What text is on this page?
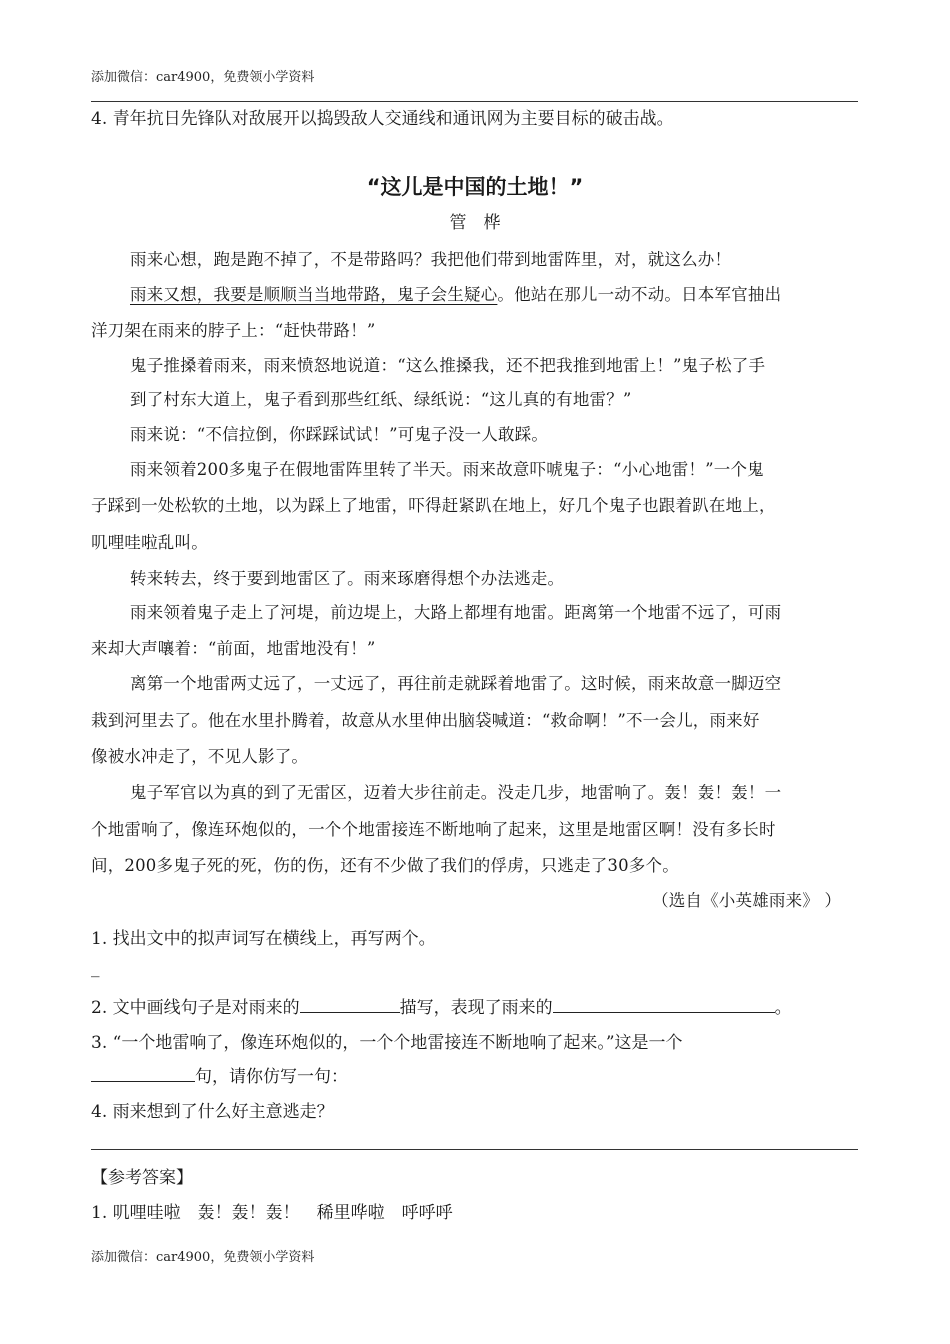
添加微信：car4900，免费领小学资料
4. 青年抗日先锋队对敌展开以捣毁敌人交通线和通讯网为主要目标的破击战。
“这儿是中国的土地！”
管　桦
雨来心想，跑是跑不掉了，不是带路吗？我把他们带到地雷阵里，对，就这么办！
雨来又想，我要是顺顺当当地带路，鬼子会生疑心。他站在那儿一动不动。日本军官抽出
洋刀架在雨来的脖子上：“赶快带路！”
鬼子推搡着雨来，雨来愤怒地说道：“这么推搡我，还不把我推到地雷上！”鬼子松了手
到了村东大道上，鬼子看到那些红纸、绿纸说：“这儿真的有地雷？”
雨来说：“不信拉倒，你踩踩试试！”可鬼子没一人敢踩。
雨来领着200多鬼子在假地雷阵里转了半天。雨来故意吓唬鬼子：“小心地雷！”一个鬼
子踩到一处松软的土地，以为踩上了地雷，吓得赶紧趴在地上，好几个鬼子也跟着趴在地上，
叽哩哇啦乱叫。
转来转去，终于要到地雷区了。雨来琢磨得想个办法逃走。
雨来领着鬼子走上了河堤，前边堤上，大路上都埋有地雷。距离第一个地雷不远了，可雨
来却大声嚷着：“前面，地雷地没有！”
离第一个地雷两丈远了，一丈远了，再往前走就踩着地雷了。这时候，雨来故意一脚迈空
栽到河里去了。他在水里扑腾着，故意从水里伸出脑袋喊道：“救命啊！”不一会儿，雨来好
像被水冲走了，不见人影了。
鬼子军官以为真的到了无雷区，迈着大步往前走。没走几步，地雷响了。轰！轰！轰！一
个地雷响了，像连环炮似的，一个个地雷接连不断地响了起来，这里是地雷区啊！没有多长时
间，200多鬼子死的死，伤的伤，还有不少做了我们的俘虏，只逃走了30多个。
（选自《小英雄雨来》 ）
1. 找出文中的拟声词写在横线上，再写两个。
_
2. 文中画线句子是对雨来的	描写，表现了雨来的	。
3. “一个地雷响了，像连环炮似的，一个个地雷接连不断地响了起来。”这是一个
句，请你仿写一句：
4. 雨来想到了什么好主意逃走？
【参考答案】
1. 叽哩哇啦　轰！轰！轰！　稀里哗啦　呼呼呼
添加微信：car4900，免费领小学资料
